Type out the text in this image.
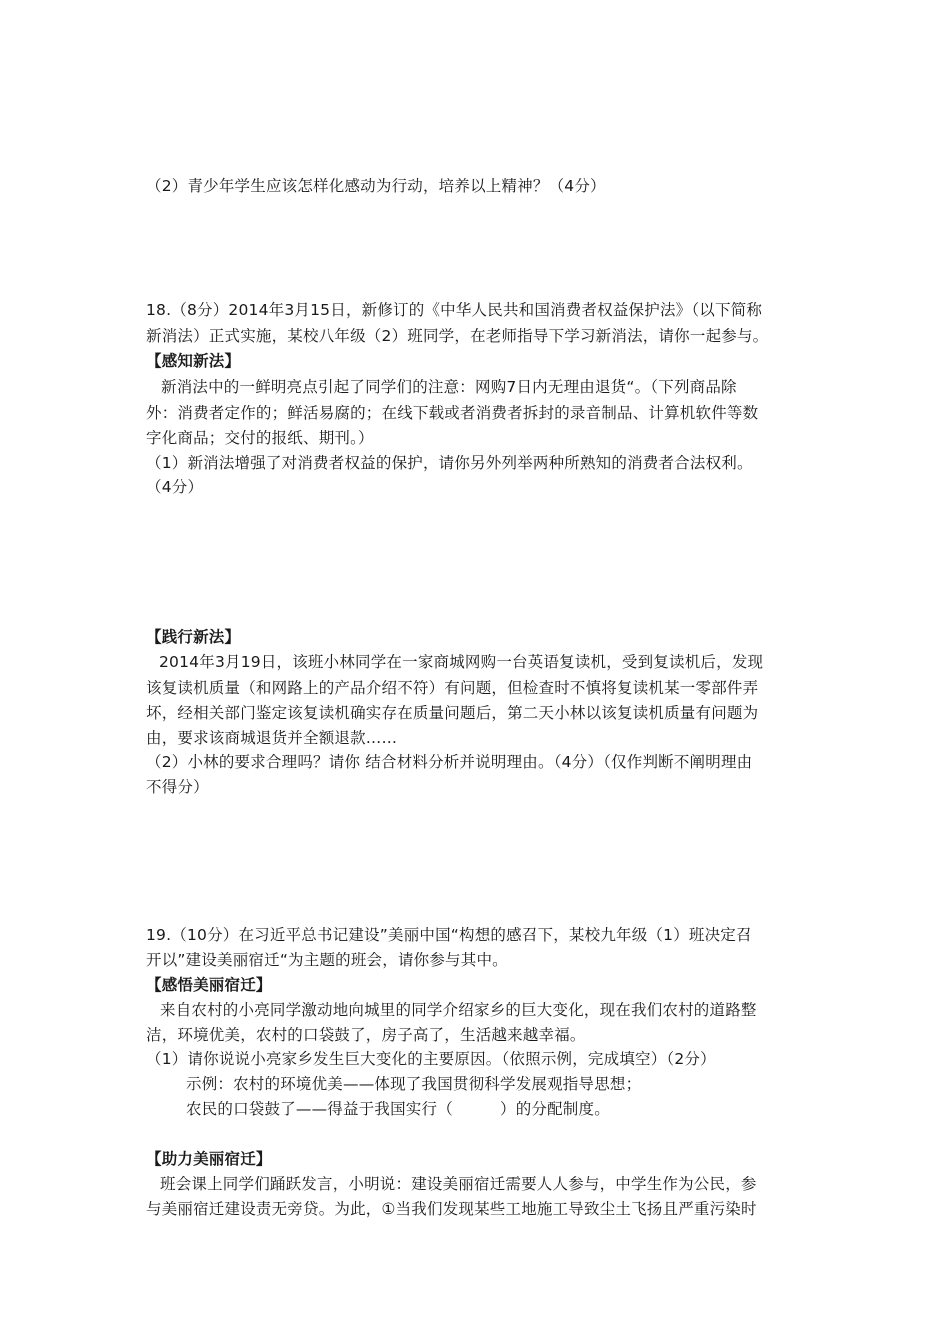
（2）青少年学生应该怎样化感动为行动，培养以上精神？（4分）
18.（8分）2014年3月15日，新修订的《中华人民共和国消费者权益保护法》（以下简称
新消法）正式实施，某校八年级（2）班同学，在老师指导下学习新消法，请你一起参与。
【感知新法】
新消法中的一鲜明亮点引起了同学们的注意：网购7日内无理由退货“。（下列商品除
外：消费者定作的；鲜活易腐的；在线下载或者消费者拆封的录音制品、计算机软件等数
字化商品；交付的报纸、期刊。）
（1）新消法增强了对消费者权益的保护，请你另外列举两种所熟知的消费者合法权利。
（4分）
【践行新法】
2014年3月19日，该班小林同学在一家商城网购一台英语复读机，受到复读机后，发现
该复读机质量（和网路上的产品介绍不符）有问题，但检查时不慎将复读机某一零部件弄
坏，经相关部门鉴定该复读机确实存在质量问题后，第二天小林以该复读机质量有问题为
由，要求该商城退货并全额退款……
（2）小林的要求合理吗？请你 结合材料分析并说明理由。（4分）（仅作判断不阐明理由
不得分）
19.（10分）在习近平总书记建设”美丽中国“构想的感召下，某校九年级（1）班决定召
开以”建设美丽宿迁“为主题的班会，请你参与其中。
【感悟美丽宿迁】
来自农村的小亮同学激动地向城里的同学介绍家乡的巨大变化，现在我们农村的道路整
洁，环境优美，农村的口袋鼓了，房子高了，生活越来越幸福。
（1）请你说说小亮家乡发生巨大变化的主要原因。（依照示例，完成填空）（2分）
示例：农村的环境优美——体现了我国贯彻科学发展观指导思想；
农民的口袋鼓了——得益于我国实行（　　　）的分配制度。
【助力美丽宿迁】
班会课上同学们踊跃发言，小明说：建设美丽宿迁需要人人参与，中学生作为公民，参
与美丽宿迁建设责无旁贷。为此，①当我们发现某些工地施工导致尘土飞扬且严重污染时
